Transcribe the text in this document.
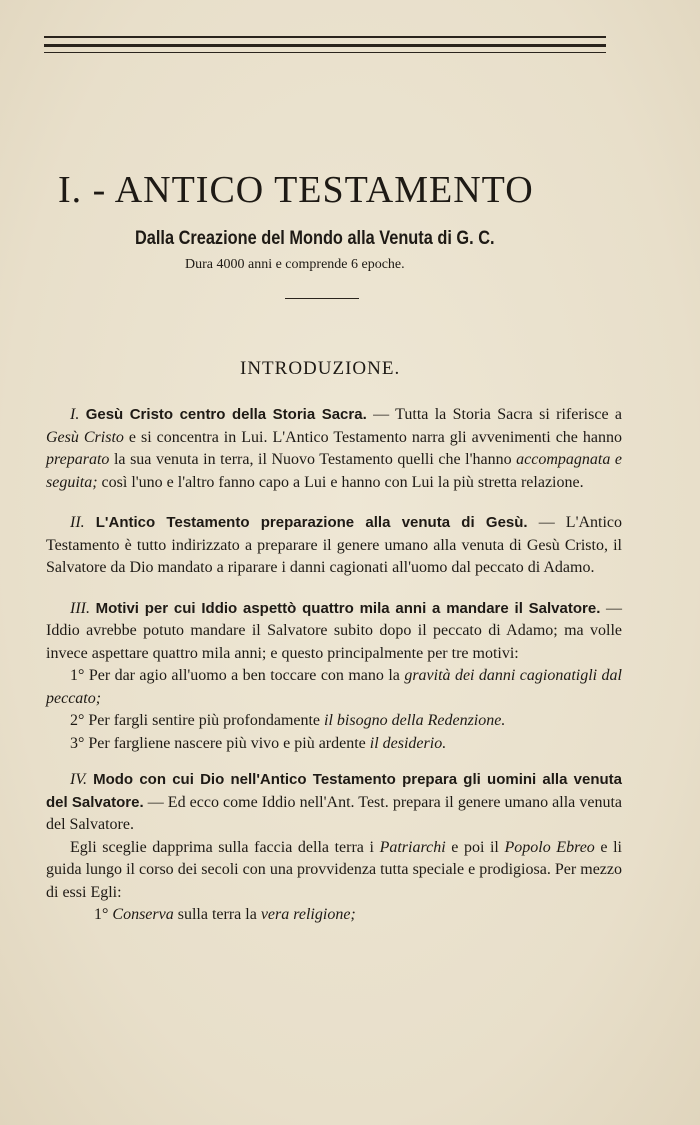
I. - ANTICO TESTAMENTO
Dalla Creazione del Mondo alla Venuta di G. C.
Dura 4000 anni e comprende 6 epoche.
INTRODUZIONE.

I. Gesù Cristo centro della Storia Sacra. — Tutta la Storia Sacra si riferisce a Gesù Cristo e si concentra in Lui. L'Antico Testamento narra gli avvenimenti che hanno preparato la sua venuta in terra, il Nuovo Testamento quelli che l'hanno accompagnata e seguita; così l'uno e l'altro fanno capo a Lui e hanno con Lui la più stretta relazione.

II. L'Antico Testamento preparazione alla venuta di Gesù. — L'Antico Testamento è tutto indirizzato a preparare il genere umano alla venuta di Gesù Cristo, il Salvatore da Dio mandato a riparare i danni cagionati all'uomo dal peccato di Adamo.

III. Motivi per cui Iddio aspettò quattro mila anni a mandare il Salvatore. — Iddio avrebbe potuto mandare il Salvatore subito dopo il peccato di Adamo; ma volle invece aspettare quattro mila anni; e questo principalmente per tre motivi:
1° Per dar agio all'uomo a ben toccare con mano la gravità dei danni cagionatigli dal peccato;
2° Per fargli sentire più profondamente il bisogno della Redenzione.
3° Per fargliene nascere più vivo e più ardente il desiderio.

IV. Modo con cui Dio nell'Antico Testamento prepara gli uomini alla venuta del Salvatore. — Ed ecco come Iddio nell'Ant. Test. prepara il genere umano alla venuta del Salvatore.
Egli sceglie dapprima sulla faccia della terra i Patriarchi e poi il Popolo Ebreo e li guida lungo il corso dei secoli con una provvidenza tutta speciale e prodigiosa. Per mezzo di essi Egli:
1° Conserva sulla terra la vera religione;
